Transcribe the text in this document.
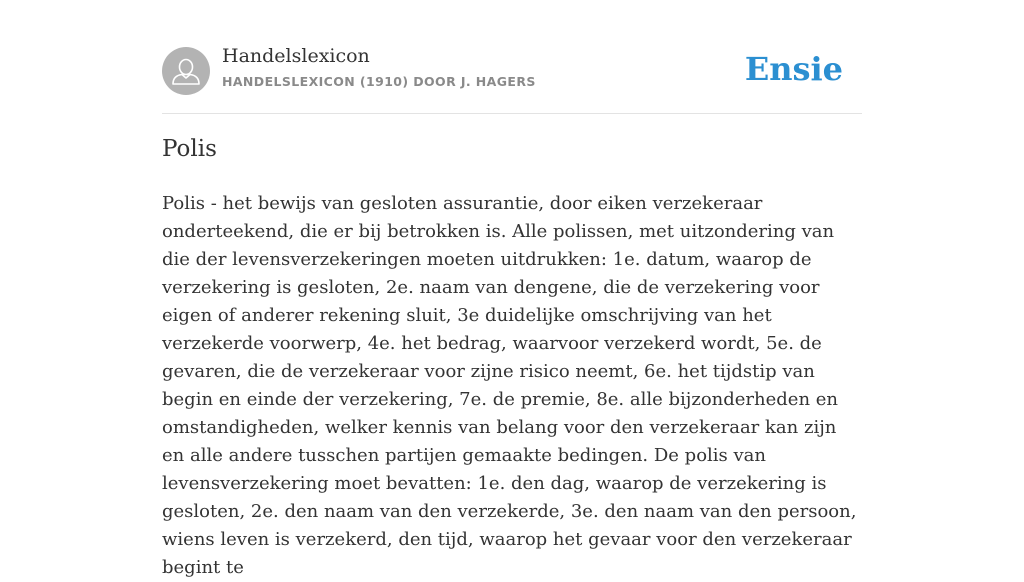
Handelslexicon
HANDELSLEXICON (1910) DOOR J. HAGERS	Ensie
Polis

Polis - het bewijs van gesloten assurantie, door eiken verzekeraar onderteekend, die er bij betrokken is. Alle polissen, met uitzondering van die der levensverzekeringen moeten uitdrukken: 1e. datum, waarop de verzekering is gesloten, 2e. naam van dengene, die de verzekering voor eigen of anderer rekening sluit, 3e duidelijke omschrijving van het verzekerde voorwerp, 4e. het bedrag, waarvoor verzekerd wordt, 5e. de gevaren, die de verzekeraar voor zijne risico neemt, 6e. het tijdstip van begin en einde der verzekering, 7e. de premie, 8e. alle bijzonderheden en omstandigheden, welker kennis van belang voor den verzekeraar kan zijn en alle andere tusschen partijen gemaakte bedingen. De polis van levensverzekering moet bevatten: 1e. den dag, waarop de verzekering is gesloten, 2e. den naam van den verzekerde, 3e. den naam van den persoon, wiens leven is verzekerd, den tijd, waarop het gevaar voor den verzekeraar begint te
